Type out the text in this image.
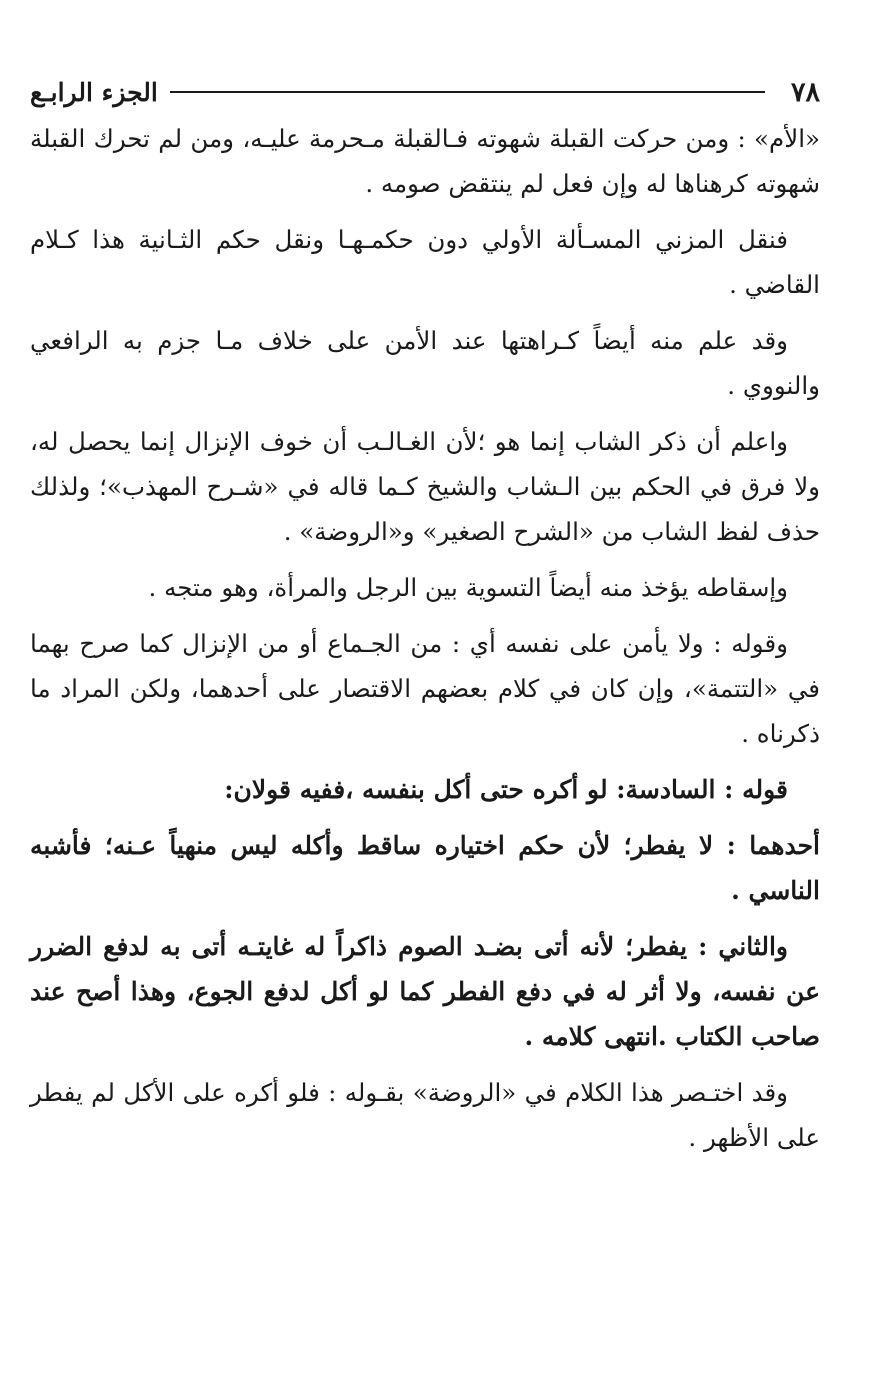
٧٨
الجزء الرابـع

«الأم» : ومن حركت القبلة شهوته فـالقبلة مـحرمة عليـه، ومن لم تحرك القبلة شهوته كرهناها له وإن فعل لم ينتقض صومه .

فنقل المزني المسـألة الأولي دون حكمـهـا ونقل حكم الثـانية هذا كـلام القاضي .

وقد علم منه أيضاً كـراهتها عند الأمن على خلاف مـا جزم به الرافعي والنووي .

واعلم أن ذكر الشاب إنما هو ؛لأن الغـالـب أن خوف الإنزال إنما يحصل له، ولا فرق في الحكم بين الـشاب والشيخ كـما قاله في «شـرح المهذب»؛ ولذلك حذف لفظ الشاب من «الشرح الصغير» و«الروضة» .

وإسقاطه يؤخذ منه أيضاً التسوية بين الرجل والمرأة، وهو متجه .

وقوله : ولا يأمن على نفسه أي : من الجـماع أو من الإنزال كما صرح بهما في «التتمة»، وإن كان في كلام بعضهم الاقتصار على أحدهما، ولكن المراد ما ذكرناه .

قوله : السادسة: لو أكره حتى أكل بنفسه ،ففيه قولان:

أحدهما : لا يفطر؛ لأن حكم اختياره ساقط وأكله ليس منهياً عـنه؛ فأشبه الناسي .

والثاني : يفطر؛ لأنه أتى بضـد الصوم ذاكراً له غايتـه أتى به لدفع الضرر عن نفسه، ولا أثر له في دفع الفطر كما لو أكل لدفع الجوع، وهذا أصح عند صاحب الكتاب .انتهى كلامه .

وقد اختـصر هذا الكلام في «الروضة» بقـوله : فلو أكره على الأكل لم يفطر على الأظهر .
